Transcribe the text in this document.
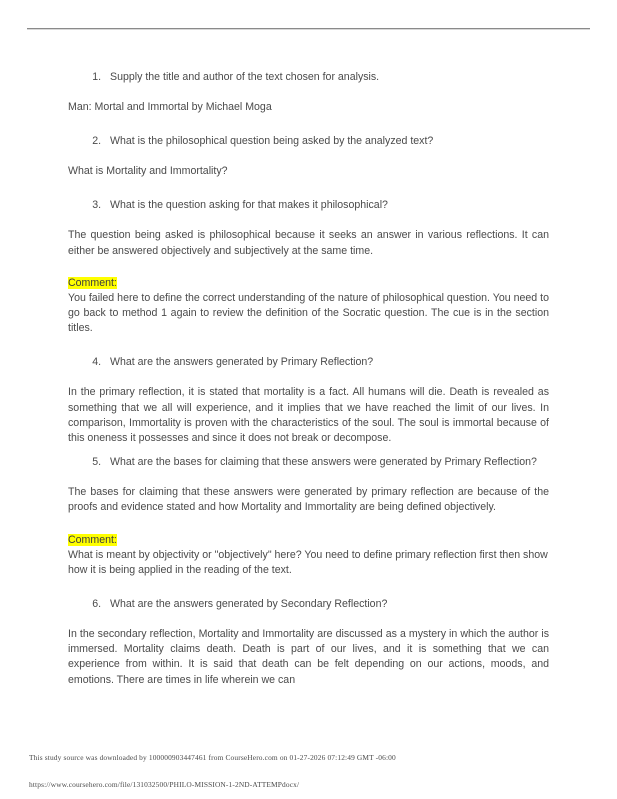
1. Supply the title and author of the text chosen for analysis.

Man: Mortal and Immortal by Michael Moga

2. What is the philosophical question being asked by the analyzed text?

What is Mortality and Immortality?

3. What is the question asking for that makes it philosophical?

The question being asked is philosophical because it seeks an answer in various reflections. It can either be answered objectively and subjectively at the same time.

Comment:

You failed here to define the correct understanding of the nature of philosophical question. You need to go back to method 1 again to review the definition of the Socratic question. The cue is in the section titles.

4. What are the answers generated by Primary Reflection?

In the primary reflection, it is stated that mortality is a fact. All humans will die. Death is revealed as something that we all will experience, and it implies that we have reached the limit of our lives. In comparison, Immortality is proven with the characteristics of the soul. The soul is immortal because of this oneness it possesses and since it does not break or decompose.

5. What are the bases for claiming that these answers were generated by Primary Reflection?

The bases for claiming that these answers were generated by primary reflection are because of the proofs and evidence stated and how Mortality and Immortality are being defined objectively.

Comment:

What is meant by objectivity or "objectively" here? You need to define primary reflection first then show how it is being applied in the reading of the text.

6. What are the answers generated by Secondary Reflection?

In the secondary reflection, Mortality and Immortality are discussed as a mystery in which the author is immersed. Mortality claims death. Death is part of our lives, and it is something that we can experience from within. It is said that death can be felt depending on our actions, moods, and emotions. There are times in life wherein we can

This study source was downloaded by 100000903447461 from CourseHero.com on 01-27-2026 07:12:49 GMT -06:00
https://www.coursehero.com/file/131032500/PHILO-MISSION-1-2ND-ATTEMPdocx/
